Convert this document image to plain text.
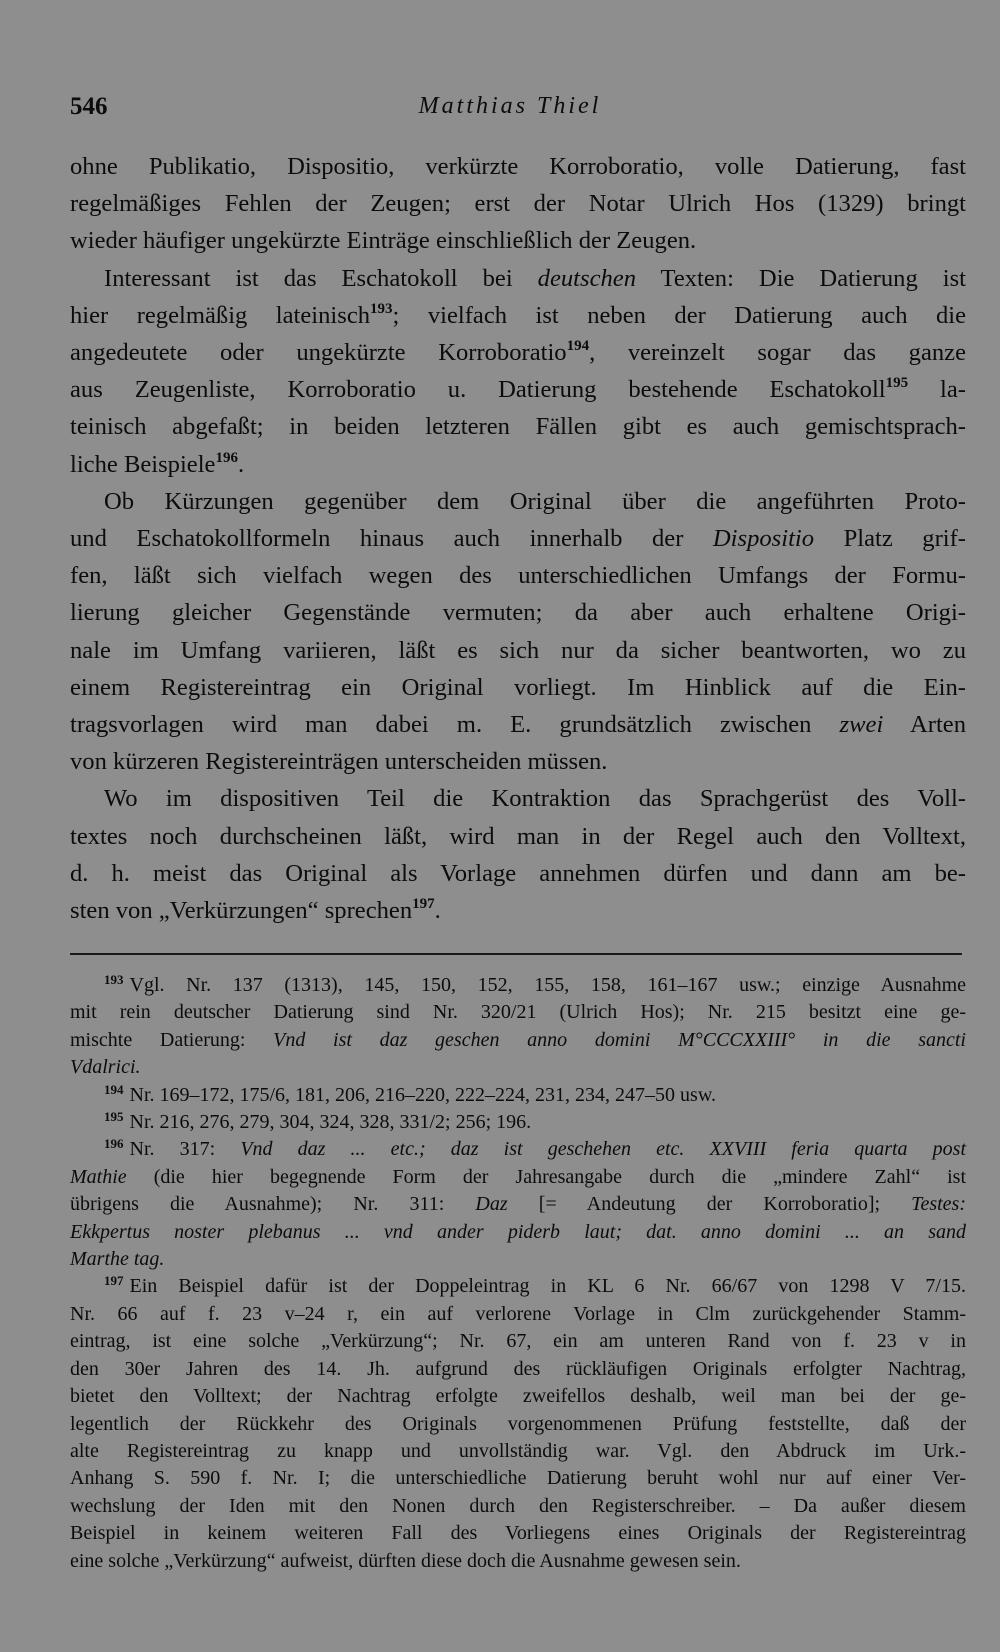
546	Matthias Thiel
ohne Publikatio, Dispositio, verkürzte Korroboratio, volle Datierung, fast
regelmäßiges Fehlen der Zeugen; erst der Notar Ulrich Hos (1329) bringt
wieder häufiger ungekürzte Einträge einschließlich der Zeugen.
Interessant ist das Eschatokoll bei deutschen Texten: Die Datierung ist
hier regelmäßig lateinisch$^{193}$; vielfach ist neben der Datierung auch die
angedeutete oder ungekürzte Korroboratio$^{194}$, vereinzelt sogar das ganze
aus Zeugenliste, Korroboratio u. Datierung bestehende Eschatokoll$^{195}$ la-
teinisch abgefaßt; in beiden letzteren Fällen gibt es auch gemischtsprach-
liche Beispiele$^{196}$.
Ob Kürzungen gegenüber dem Original über die angeführten Proto-
und Eschatokollformeln hinaus auch innerhalb der Dispositio Platz grif-
fen, läßt sich vielfach wegen des unterschiedlichen Umfangs der Formu-
lierung gleicher Gegenstände vermuten; da aber auch erhaltene Origi-
nale im Umfang variieren, läßt es sich nur da sicher beantworten, wo zu
einem Registereintrag ein Original vorliegt. Im Hinblick auf die Ein-
tragsvorlagen wird man dabei m. E. grundsätzlich zwischen zwei Arten
von kürzeren Registereinträgen unterscheiden müssen.
Wo im dispositiven Teil die Kontraktion das Sprachgerüst des Voll-
textes noch durchscheinen läßt, wird man in der Regel auch den Volltext,
d. h. meist das Original als Vorlage annehmen dürfen und dann am be-
sten von „Verkürzungen“ sprechen$^{197}$.
$^{193}$ Vgl. Nr. 137 (1313), 145, 150, 152, 155, 158, 161–167 usw.; einzige Ausnahme
mit rein deutscher Datierung sind Nr. 320/21 (Ulrich Hos); Nr. 215 besitzt eine ge-
mischte Datierung: Vnd ist daz geschen anno domini M°CCCXXIII° in die sancti
Vdalrici.
$^{194}$ Nr. 169–172, 175/6, 181, 206, 216–220, 222–224, 231, 234, 247–50 usw.
$^{195}$ Nr. 216, 276, 279, 304, 324, 328, 331/2; 256; 196.
$^{196}$ Nr. 317: Vnd daz ... etc.; daz ist geschehen etc. XXVIII feria quarta post
Mathie (die hier begegnende Form der Jahresangabe durch die „mindere Zahl“ ist
übrigens die Ausnahme); Nr. 311: Daz [= Andeutung der Korroboratio]; Testes:
Ekkpertus noster plebanus ... vnd ander piderb laut; dat. anno domini ... an sand
Marthe tag.
$^{197}$ Ein Beispiel dafür ist der Doppeleintrag in KL 6 Nr. 66/67 von 1298 V 7/15.
Nr. 66 auf f. 23 v–24 r, ein auf verlorene Vorlage in Clm zurückgehender Stamm-
eintrag, ist eine solche „Verkürzung“; Nr. 67, ein am unteren Rand von f. 23 v in
den 30er Jahren des 14. Jh. aufgrund des rückläufigen Originals erfolgter Nachtrag,
bietet den Volltext; der Nachtrag erfolgte zweifellos deshalb, weil man bei der ge-
legentlich der Rückkehr des Originals vorgenommenen Prüfung feststellte, daß der
alte Registereintrag zu knapp und unvollständig war. Vgl. den Abdruck im Urk.-
Anhang S. 590 f. Nr. I; die unterschiedliche Datierung beruht wohl nur auf einer Ver-
wechslung der Iden mit den Nonen durch den Registerschreiber. – Da außer diesem
Beispiel in keinem weiteren Fall des Vorliegens eines Originals der Registereintrag
eine solche „Verkürzung“ aufweist, dürften diese doch die Ausnahme gewesen sein.
